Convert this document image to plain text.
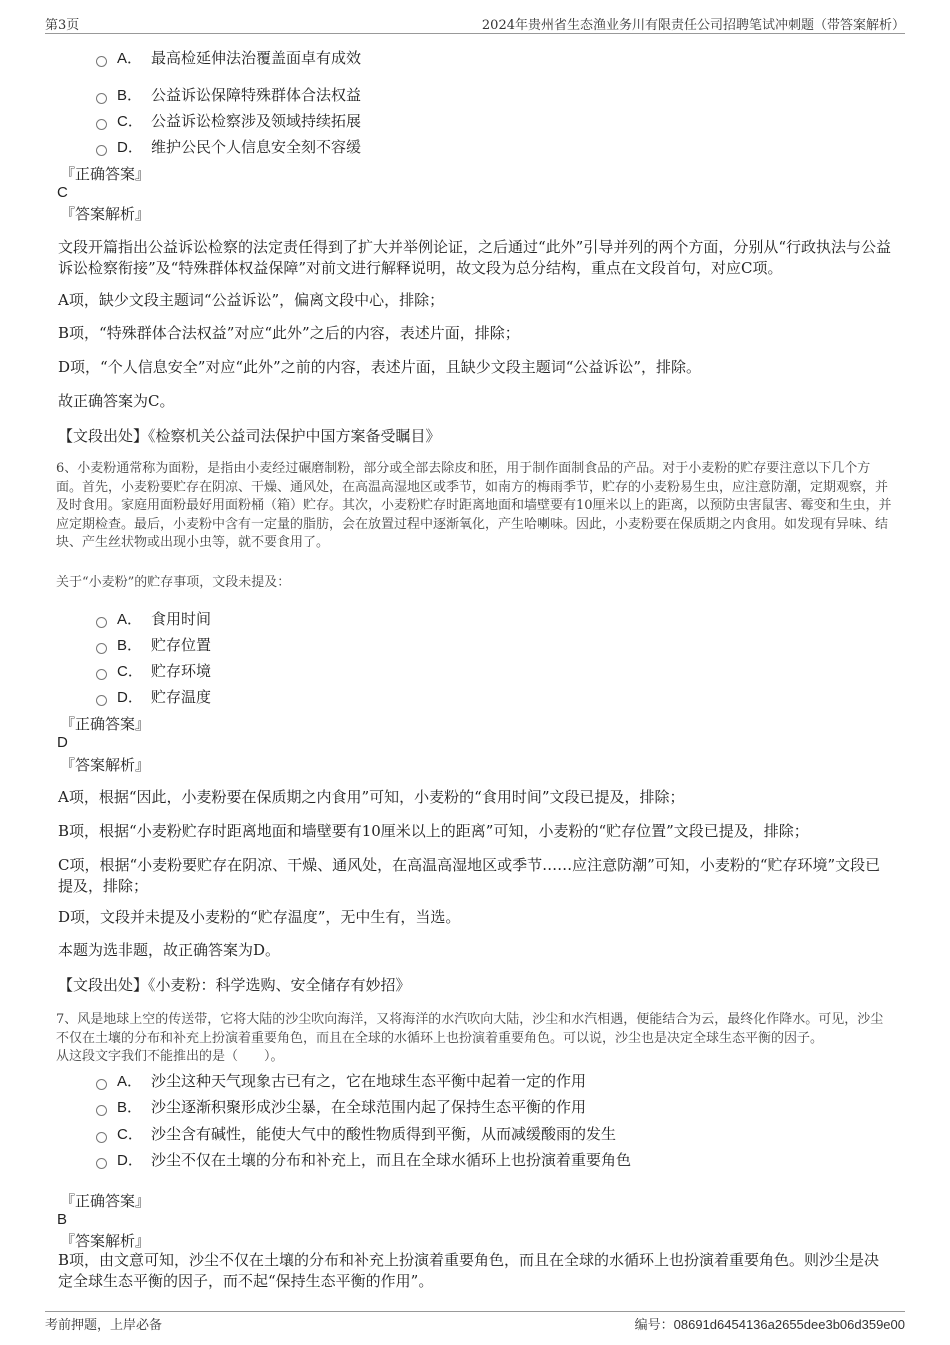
第3页	2024年贵州省生态渔业务川有限责任公司招聘笔试冲刺题（带答案解析）
A． 最高检延伸法治覆盖面卓有成效
B． 公益诉讼保障特殊群体合法权益
C． 公益诉讼检察涉及领域持续拓展
D． 维护公民个人信息安全刻不容缓
『正确答案』
C
『答案解析』
文段开篇指出公益诉讼检察的法定责任得到了扩大并举例论证，之后通过“此外”引导并列的两个方面，分别从“行政执法与公益诉讼检察衔接”及“特殊群体权益保障”对前文进行解释说明，故文段为总分结构，重点在文段首句，对应C项。
A项，缺少文段主题词“公益诉讼”，偏离文段中心，排除；
B项，“特殊群体合法权益”对应“此外”之后的内容，表述片面，排除；
D项，“个人信息安全”对应“此外”之前的内容，表述片面，且缺少文段主题词“公益诉讼”，排除。
故正确答案为C。
【文段出处】《检察机关公益司法保护中国方案备受瞩目》
6、小麦粉通常称为面粉，是指由小麦经过碾磨制粉，部分或全部去除皮和胚，用于制作面制食品的产品。对于小麦粉的贮存要注意以下几个方面。首先，小麦粉要贮存在阴凉、干燥、通风处，在高温高湿地区或季节，如南方的梅雨季节，贮存的小麦粉易生虫，应注意防潮，定期观察，并及时食用。家庭用面粉最好用面粉桶（箱）贮存。其次，小麦粉贮存时距离地面和墙壁要有10厘米以上的距离，以预防虫害鼠害、霉变和生虫，并应定期检查。最后，小麦粉中含有一定量的脂肪，会在放置过程中逐渐氧化，产生哈喇味。因此，小麦粉要在保质期之内食用。如发现有异味、结块、产生丝状物或出现小虫等，就不要食用了。
关于“小麦粉”的贮存事项，文段未提及：
A． 食用时间
B． 贮存位置
C． 贮存环境
D． 贮存温度
『正确答案』
D
『答案解析』
A项，根据“因此，小麦粉要在保质期之内食用”可知，小麦粉的“食用时间”文段已提及，排除；
B项，根据“小麦粉贮存时距离地面和墙壁要有10厘米以上的距离”可知，小麦粉的“贮存位置”文段已提及，排除；
C项，根据“小麦粉要贮存在阴凉、干燥、通风处，在高温高湿地区或季节……应注意防潮”可知，小麦粉的“贮存环境”文段已提及，排除；
D项，文段并未提及小麦粉的“贮存温度”，无中生有，当选。
本题为选非题，故正确答案为D。
【文段出处】《小麦粉：科学选购、安全储存有妙招》
7、风是地球上空的传送带，它将大陆的沙尘吹向海洋，又将海洋的水汽吹向大陆，沙尘和水汽相遇，便能结合为云，最终化作降水。可见，沙尘不仅在土壤的分布和补充上扮演着重要角色，而且在全球的水循环上也扮演着重要角色。可以说，沙尘也是决定全球生态平衡的因子。
从这段文字我们不能推出的是（　　）。
A． 沙尘这种天气现象古已有之，它在地球生态平衡中起着一定的作用
B． 沙尘逐渐积聚形成沙尘暴，在全球范围内起了保持生态平衡的作用
C． 沙尘含有碱性，能使大气中的酸性物质得到平衡，从而减缓酸雨的发生
D． 沙尘不仅在土壤的分布和补充上，而且在全球水循环上也扮演着重要角色
『正确答案』
B
『答案解析』
B项，由文意可知，沙尘不仅在土壤的分布和补充上扮演着重要角色，而且在全球的水循环上也扮演着重要角色。则沙尘是决定全球生态平衡的因子，而不起“保持生态平衡的作用”。
考前押题，上岸必备	编号：08691d6454136a2655dee3b06d359e00
